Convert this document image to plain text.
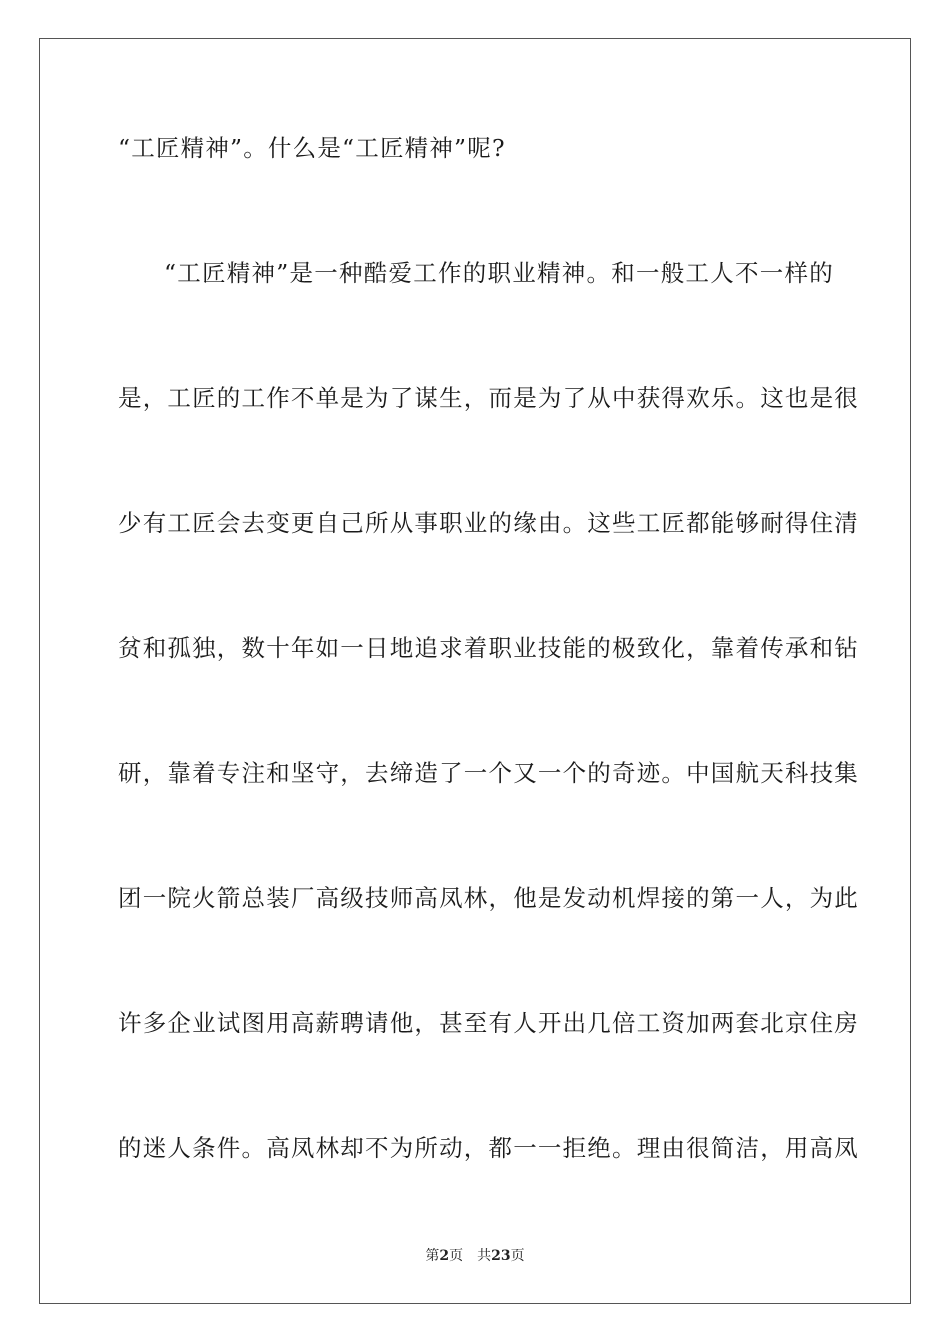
“工匠精神”。什么是“工匠精神”呢?
“工匠精神”是一种酷爱工作的职业精神。和一般工人不一样的
是，工匠的工作不单是为了谋生，而是为了从中获得欢乐。这也是很
少有工匠会去变更自己所从事职业的缘由。这些工匠都能够耐得住清
贫和孤独，数十年如一日地追求着职业技能的极致化，靠着传承和钻
研，靠着专注和坚守，去缔造了一个又一个的奇迹。中国航天科技集
团一院火箭总装厂高级技师高凤林，他是发动机焊接的第一人，为此
许多企业试图用高薪聘请他，甚至有人开出几倍工资加两套北京住房
的迷人条件。高凤林却不为所动，都一一拒绝。理由很简洁，用高凤
第2页 共23页
